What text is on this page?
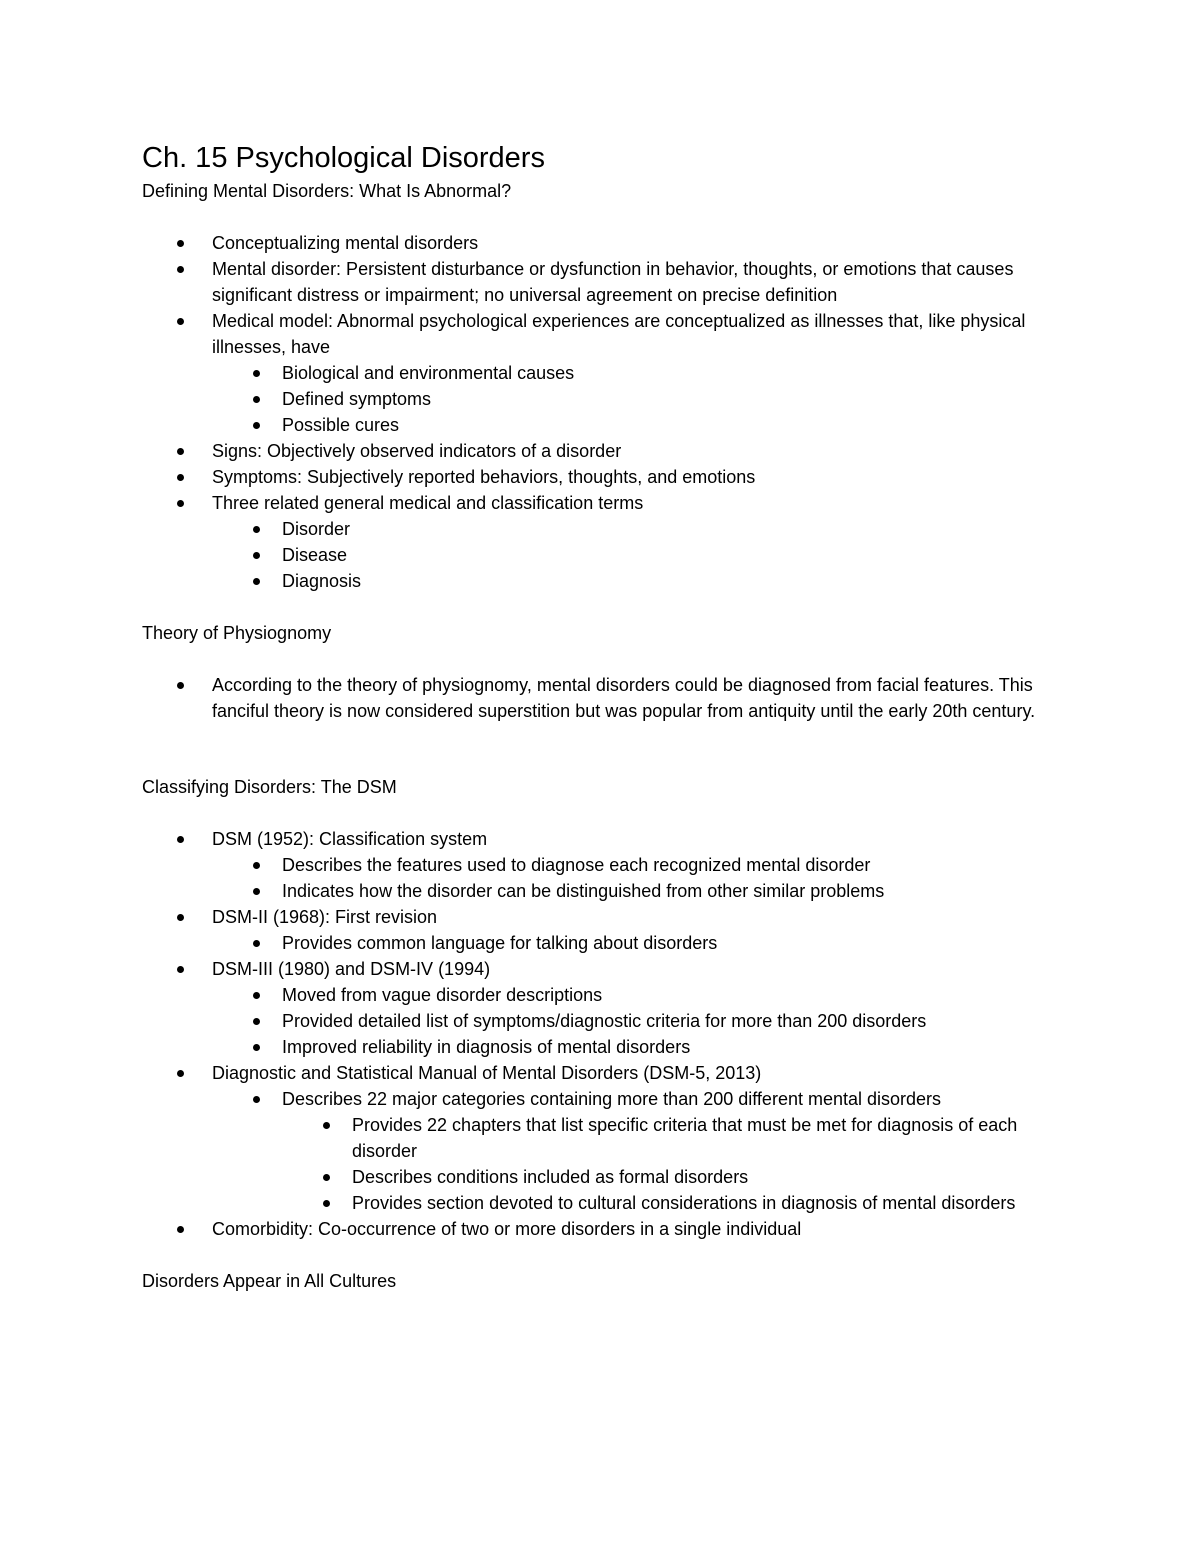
Ch. 15 Psychological Disorders
Defining Mental Disorders: What Is Abnormal?
Conceptualizing mental disorders
Mental disorder: Persistent disturbance or dysfunction in behavior, thoughts, or emotions that causes significant distress or impairment; no universal agreement on precise definition
Medical model: Abnormal psychological experiences are conceptualized as illnesses that, like physical illnesses, have
Biological and environmental causes
Defined symptoms
Possible cures
Signs: Objectively observed indicators of a disorder
Symptoms: Subjectively reported behaviors, thoughts, and emotions
Three related general medical and classification terms
Disorder
Disease
Diagnosis
Theory of Physiognomy
According to the theory of physiognomy, mental disorders could be diagnosed from facial features. This fanciful theory is now considered superstition but was popular from antiquity until the early 20th century.
Classifying Disorders: The DSM
DSM (1952): Classification system
Describes the features used to diagnose each recognized mental disorder
Indicates how the disorder can be distinguished from other similar problems
DSM-II (1968): First revision
Provides common language for talking about disorders
DSM-III (1980) and DSM-IV (1994)
Moved from vague disorder descriptions
Provided detailed list of symptoms/diagnostic criteria for more than 200 disorders
Improved reliability in diagnosis of mental disorders
Diagnostic and Statistical Manual of Mental Disorders (DSM-5, 2013)
Describes 22 major categories containing more than 200 different mental disorders
Provides 22 chapters that list specific criteria that must be met for diagnosis of each disorder
Describes conditions included as formal disorders
Provides section devoted to cultural considerations in diagnosis of mental disorders
Comorbidity: Co-occurrence of two or more disorders in a single individual
Disorders Appear in All Cultures
